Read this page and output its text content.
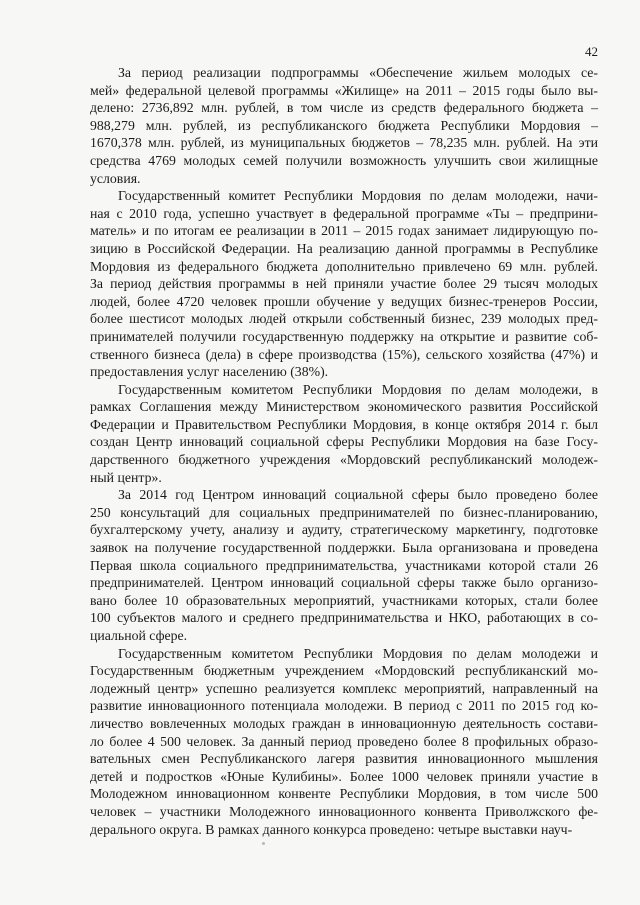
42

За период реализации подпрограммы «Обеспечение жильем молодых се-
мей» федеральной целевой программы «Жилище» на 2011 – 2015 годы было вы-
делено: 2736,892 млн. рублей, в том числе из средств федерального бюджета –
988,279 млн. рублей, из республиканского бюджета Республики Мордовия –
1670,378 млн. рублей, из муниципальных бюджетов – 78,235 млн. рублей. На эти
средства 4769 молодых семей получили возможность улучшить свои жилищные
условия.

Государственный комитет Республики Мордовия по делам молодежи, начи-
ная с 2010 года, успешно участвует в федеральной программе «Ты – предприни-
матель» и по итогам ее реализации в 2011 – 2015 годах занимает лидирующую по-
зицию в Российской Федерации. На реализацию данной программы в Республике
Мордовия из федерального бюджета дополнительно привлечено 69 млн. рублей.
За период действия программы в ней приняли участие более 29 тысяч молодых
людей, более 4720 человек прошли обучение у ведущих бизнес-тренеров России,
более шестисот молодых людей открыли собственный бизнес, 239 молодых пред-
принимателей получили государственную поддержку на открытие и развитие соб-
ственного бизнеса (дела) в сфере производства (15%), сельского хозяйства (47%) и
предоставления услуг населению (38%).

Государственным комитетом Республики Мордовия по делам молодежи, в
рамках Соглашения между Министерством экономического развития Российской
Федерации и Правительством Республики Мордовия, в конце октября 2014 г. был
создан Центр инноваций социальной сферы Республики Мордовия на базе Госу-
дарственного бюджетного учреждения «Мордовский республиканский молодеж-
ный центр».

За 2014 год Центром инноваций социальной сферы было проведено более
250 консультаций для социальных предпринимателей по бизнес-планированию,
бухгалтерскому учету, анализу и аудиту, стратегическому маркетингу, подготовке
заявок на получение государственной поддержки. Была организована и проведена
Первая школа социального предпринимательства, участниками которой стали 26
предпринимателей. Центром инноваций социальной сферы также было организо-
вано более 10 образовательных мероприятий, участниками которых, стали более
100 субъектов малого и среднего предпринимательства и НКО, работающих в со-
циальной сфере.

Государственным комитетом Республики Мордовия по делам молодежи и
Государственным бюджетным учреждением «Мордовский республиканский мо-
лодежный центр» успешно реализуется комплекс мероприятий, направленный на
развитие инновационного потенциала молодежи. В период с 2011 по 2015 год ко-
личество вовлеченных молодых граждан в инновационную деятельность состави-
ло более 4 500 человек. За данный период проведено более 8 профильных образо-
вательных смен Республиканского лагеря развития инновационного мышления
детей и подростков «Юные Кулибины». Более 1000 человек приняли участие в
Молодежном инновационном конвенте Республики Мордовия, в том числе 500
человек – участники Молодежного инновационного конвента Приволжского фе-
дерального округа. В рамках данного конкурса проведено: четыре выставки науч-
